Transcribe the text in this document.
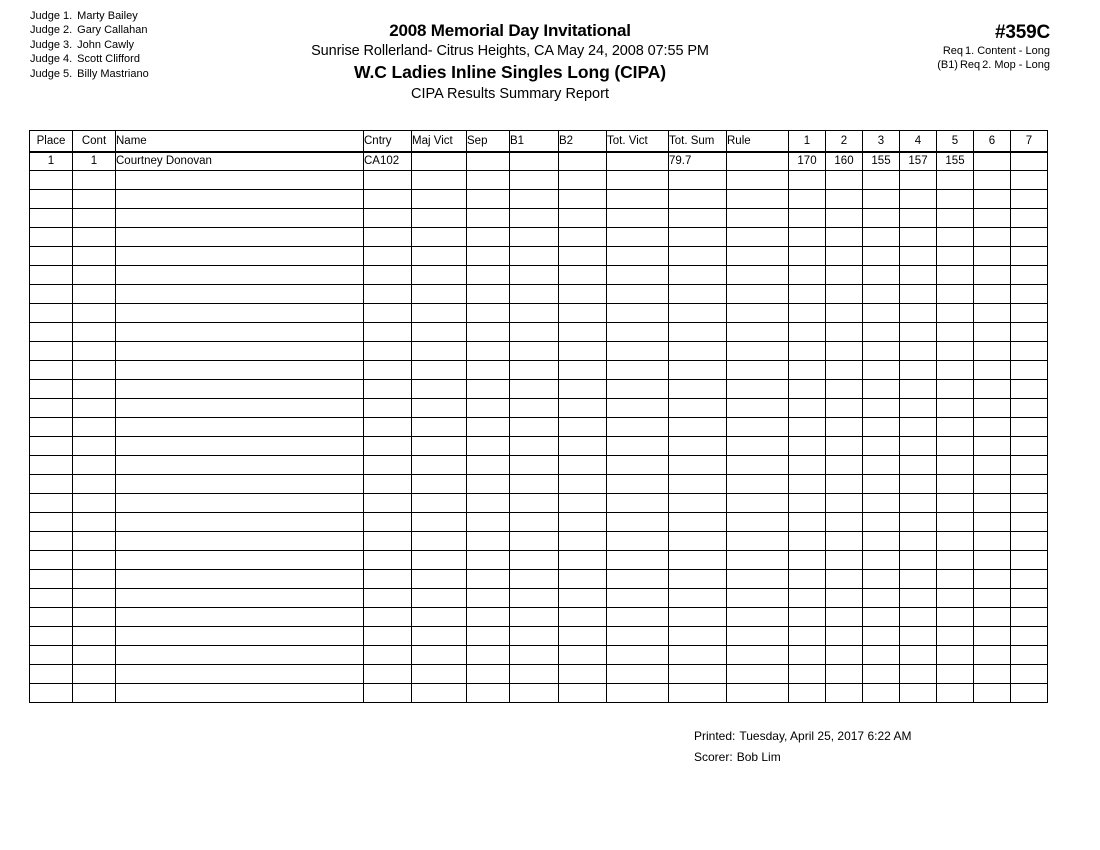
Judge 1. Marty Bailey
Judge 2. Gary Callahan
Judge 3. John Cawly
Judge 4. Scott Clifford
Judge 5. Billy Mastriano
2008 Memorial Day Invitational
Sunrise Rollerland- Citrus Heights, CA May 24, 2008 07:55 PM
W.C Ladies Inline Singles Long (CIPA)
CIPA Results Summary Report
#359C
Req 1. Content - Long
(B1) Req 2. Mop - Long
Place	Cont	Name	Cntry	Maj Vict	Sep	B1	B2	Tot. Vict	Tot. Sum	Rule	1	2	3	4	5	6	7
1	1	Courtney Donovan	CA102						79.7		170	160	155	157	155		

Printed: Tuesday, April 25, 2017 6:22 AM
Scorer: Bob Lim
